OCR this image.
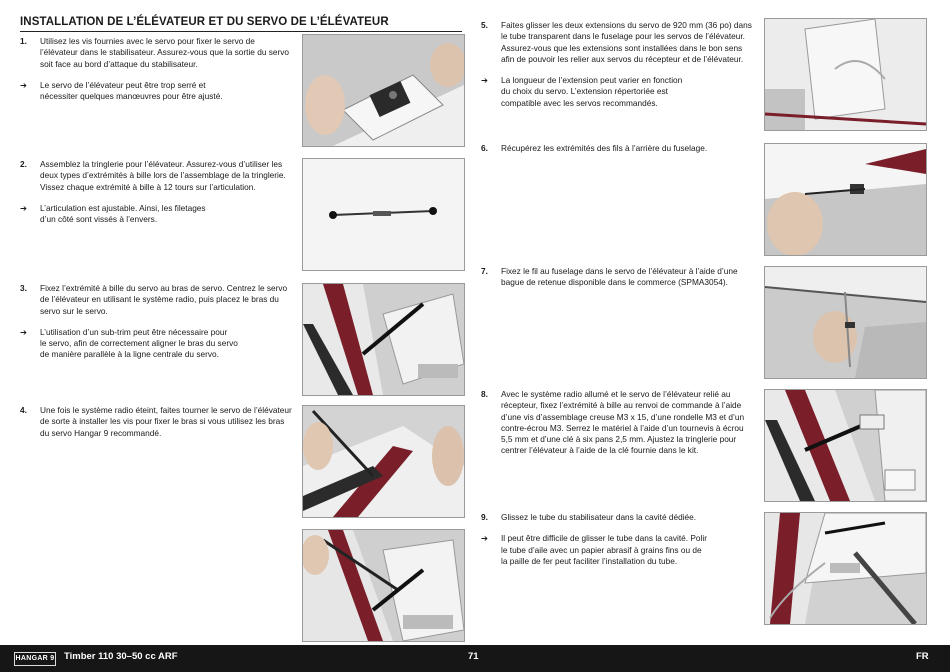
INSTALLATION DE L’ÉLÉVATEUR ET DU SERVO DE L’ÉLÉVATEUR
1.	Utilisez les vis fournies avec le servo pour fixer le servo de
l’élévateur dans le stabilisateur. Assurez-vous que la sortie du servo
soit face au bord d’attaque du stabilisateur.
➔	Le servo de l’élévateur peut être trop serré et
nécessiter quelques manœuvres pour être ajusté.
2.	Assemblez la tringlerie pour l’élévateur. Assurez-vous d’utiliser les
deux types d’extrémités à bille lors de l’assemblage de la tringlerie.
Vissez chaque extrémité à bille à 12 tours sur l’articulation.
➔	L’articulation est ajustable. Ainsi, les filetages
d’un côté sont vissés à l’envers.
3.	Fixez l’extrémité à bille du servo au bras de servo. Centrez le servo
de l’élévateur en utilisant le système radio, puis placez le bras du
servo sur le servo.
➔	L’utilisation d’un sub-trim peut être nécessaire pour
le servo, afin de correctement aligner le bras du servo
de manière parallèle à la ligne centrale du servo.
4.	Une fois le système radio éteint, faites tourner le servo de l’élévateur
de sorte à installer les vis pour fixer le bras si vous utilisez les bras
du servo Hangar 9 recommandé.
5.	Faites glisser les deux extensions du servo de 920 mm (36 po) dans
le tube transparent dans le fuselage pour les servos de l’élévateur.
Assurez-vous que les extensions sont installées dans le bon sens
afin de pouvoir les relier aux servos du récepteur et de l’élévateur.
➔	La longueur de l’extension peut varier en fonction
du choix du servo. L’extension répertoriée est
compatible avec les servos recommandés.
6.	Récupérez les extrémités des fils à l’arrière du fuselage.
7.	Fixez le fil au fuselage dans le servo de l’élévateur à l’aide d’une
bague de retenue disponible dans le commerce (SPMA3054).
8.	Avec le système radio allumé et le servo de l’élévateur relié au
récepteur, fixez l’extrémité à bille au renvoi de commande à l’aide
d’une vis d’assemblage creuse M3 x 15, d’une rondelle M3 et d’un
contre-écrou M3. Serrez le matériel à l’aide d’un tournevis à écrou
5,5 mm et d’une clé à six pans 2,5 mm. Ajustez la tringlerie pour
centrer l’élévateur à l’aide de la clé fournie dans le kit.
9.	Glissez le tube du stabilisateur dans la cavité dédiée.
➔	Il peut être difficile de glisser le tube dans la cavité. Polir
le tube d’aile avec un papier abrasif à grains fins ou de
la paille de fer peut faciliter l’installation du tube.
HANGAR 9 Timber 110 30–50 cc ARF	71	FR
